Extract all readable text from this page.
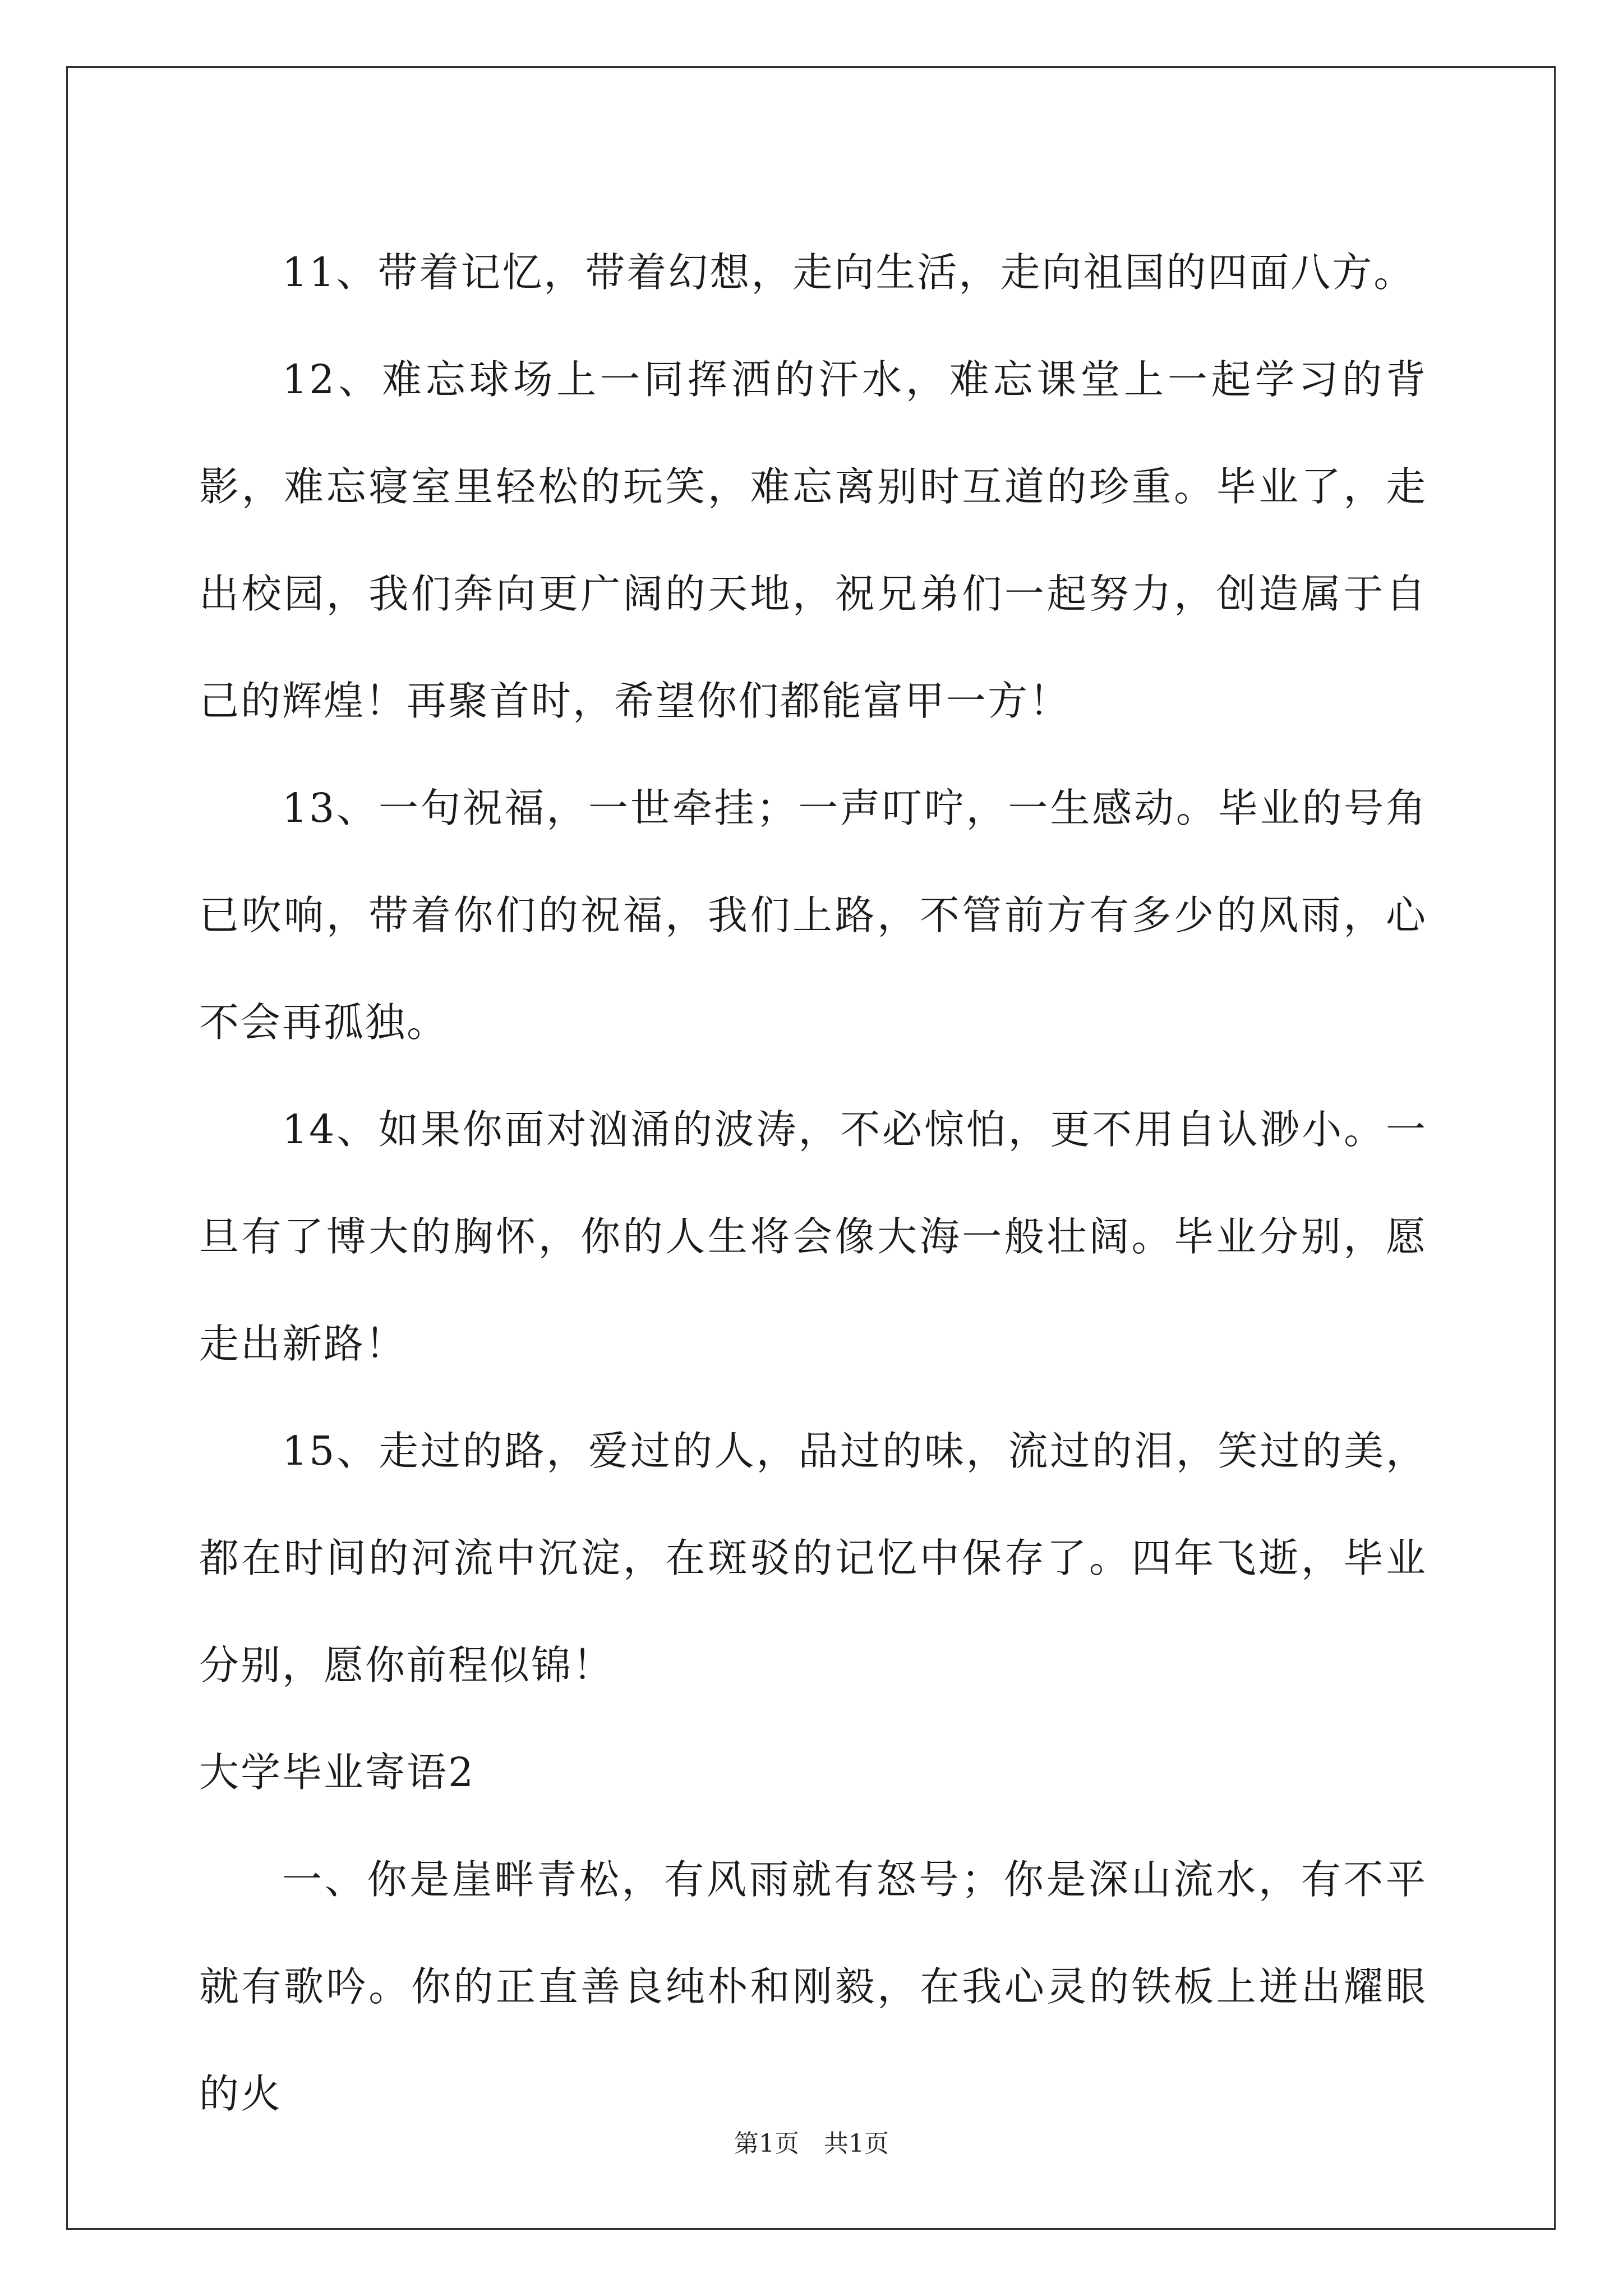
11、带着记忆，带着幻想，走向生活，走向祖国的四面八方。

12、难忘球场上一同挥洒的汗水，难忘课堂上一起学习的背影，难忘寝室里轻松的玩笑，难忘离别时互道的珍重。毕业了，走出校园，我们奔向更广阔的天地，祝兄弟们一起努力，创造属于自己的辉煌！再聚首时，希望你们都能富甲一方！

13、一句祝福，一世牵挂；一声叮咛，一生感动。毕业的号角已吹响，带着你们的祝福，我们上路，不管前方有多少的风雨，心不会再孤独。

14、如果你面对汹涌的波涛，不必惊怕，更不用自认渺小。一旦有了博大的胸怀，你的人生将会像大海一般壮阔。毕业分别，愿走出新路！

15、走过的路，爱过的人，品过的味，流过的泪，笑过的美，都在时间的河流中沉淀，在斑驳的记忆中保存了。四年飞逝，毕业分别，愿你前程似锦！

大学毕业寄语2

一、你是崖畔青松，有风雨就有怒号；你是深山流水，有不平就有歌吟。你的正直善良纯朴和刚毅，在我心灵的铁板上迸出耀眼的火

第1页　共1页
